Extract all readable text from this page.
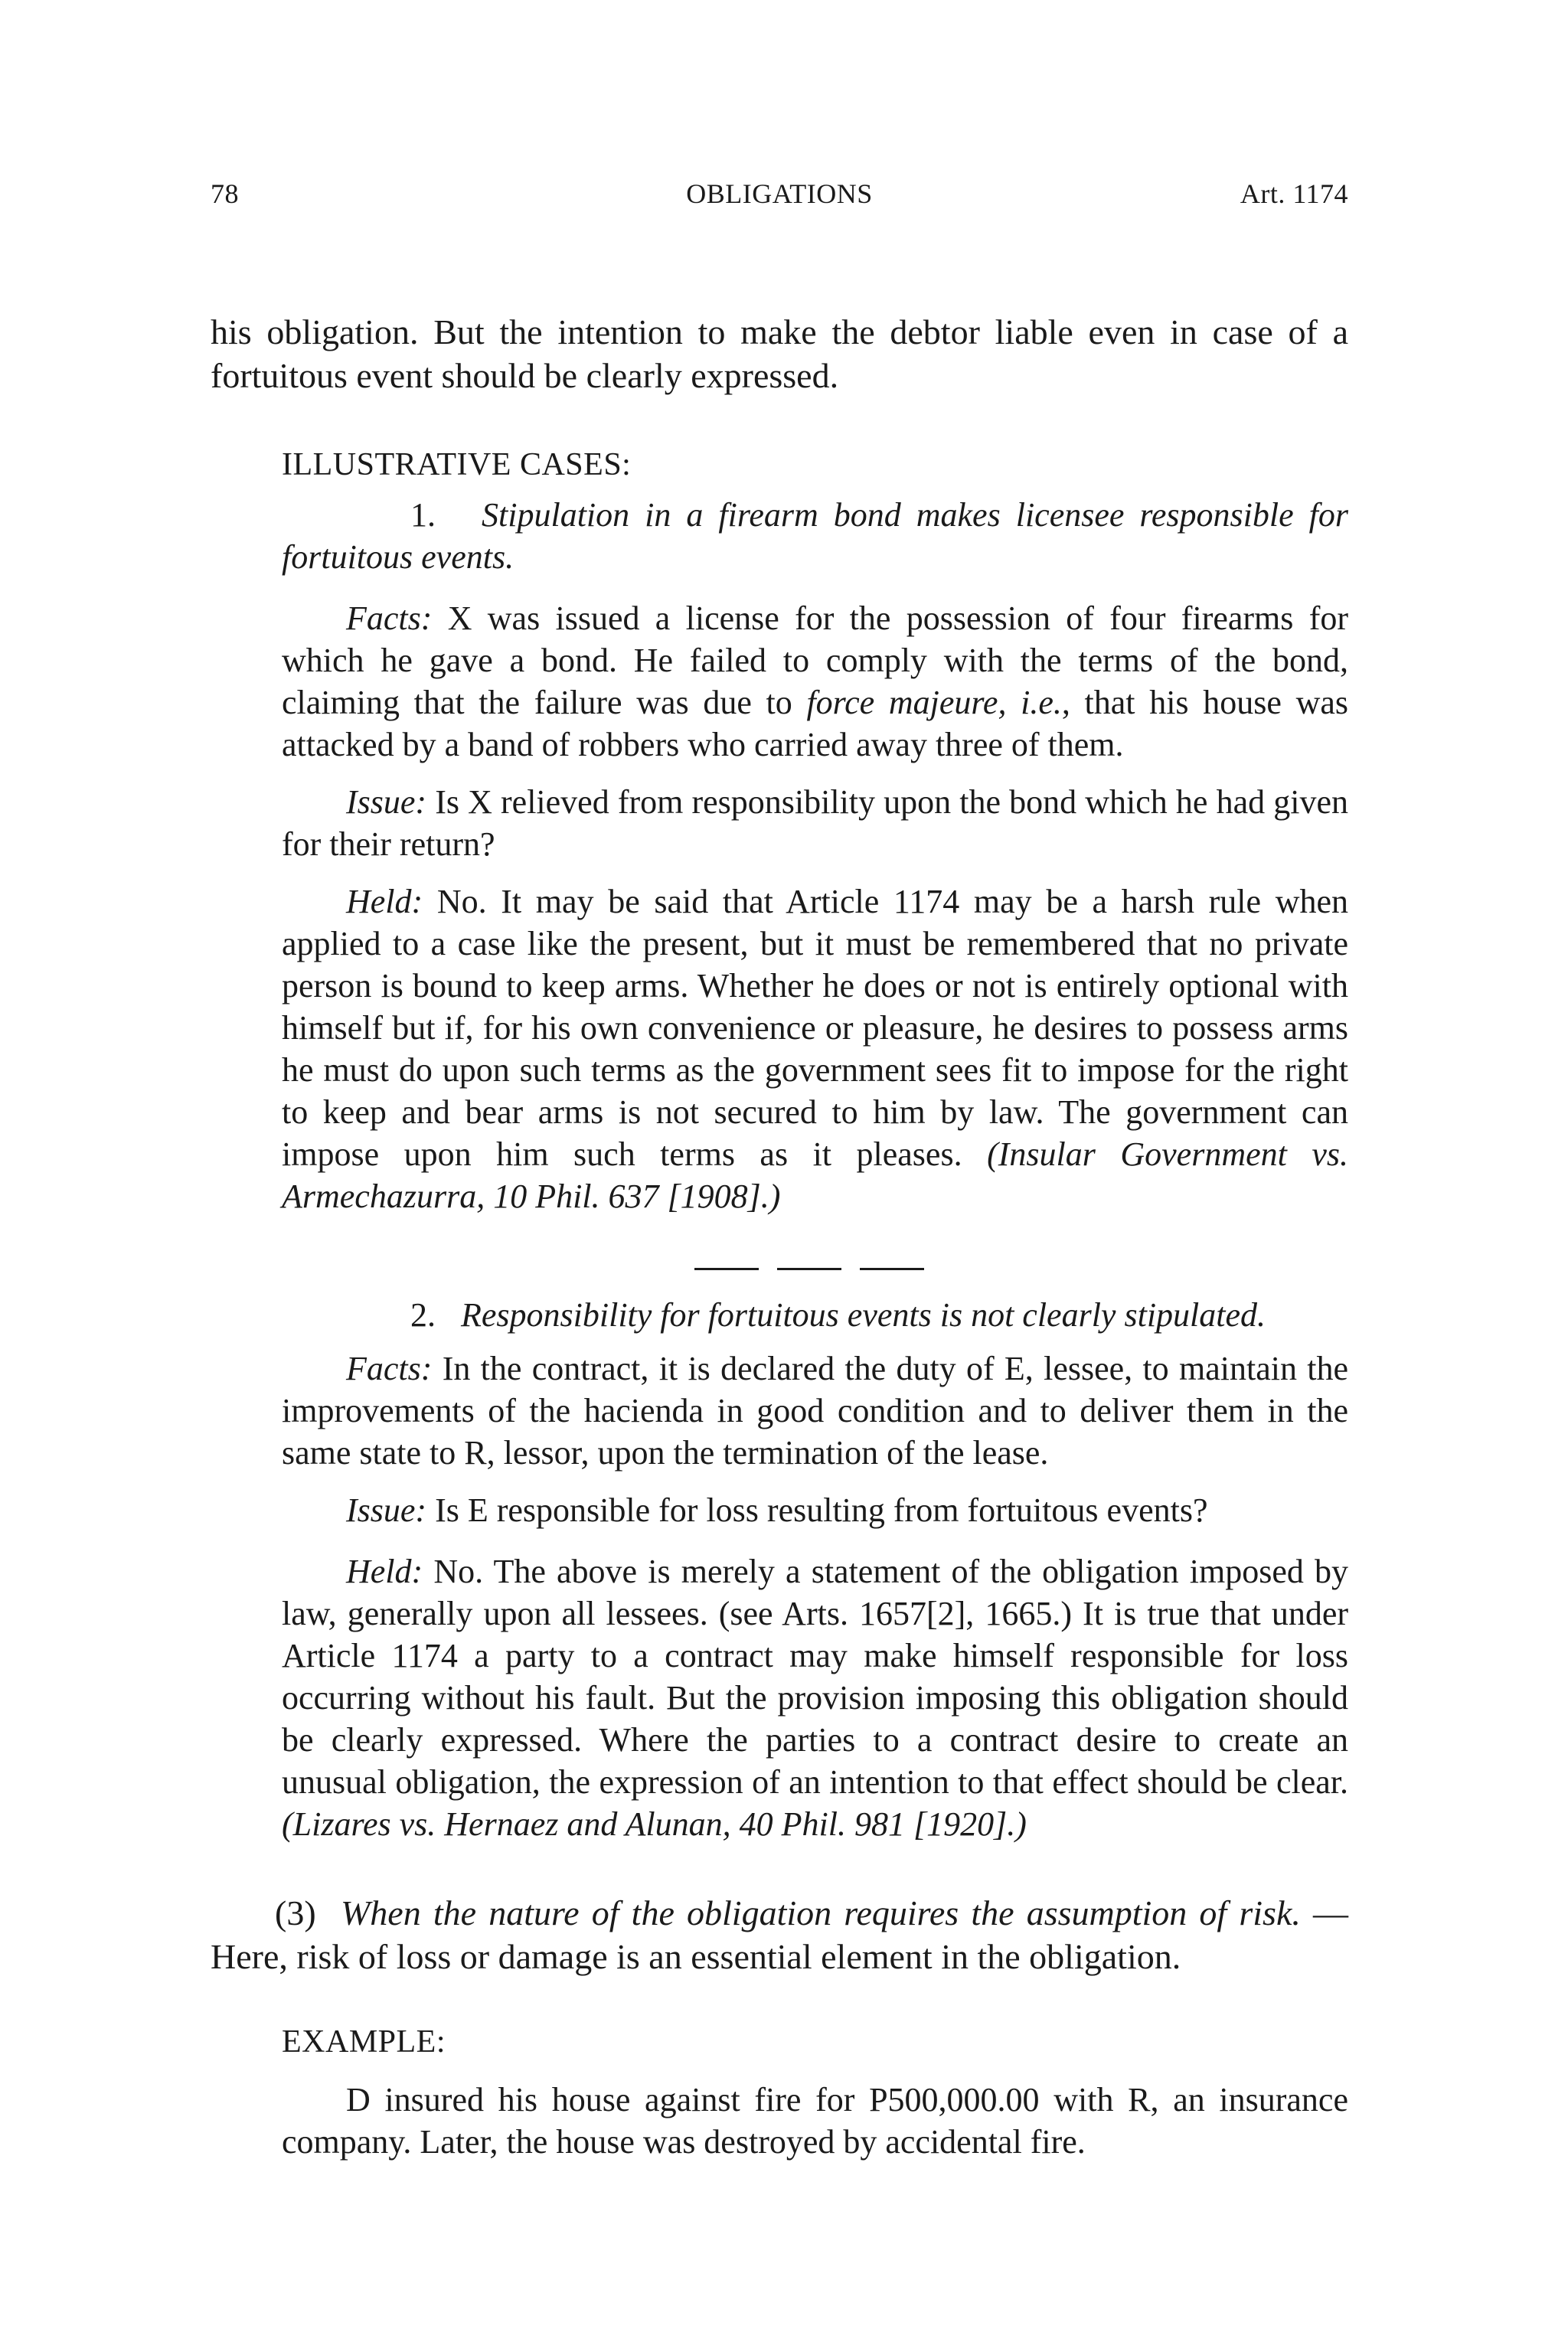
78	OBLIGATIONS	Art. 1174

his obligation. But the intention to make the debtor liable even in case of a fortuitous event should be clearly expressed.

ILLUSTRATIVE CASES:

1. Stipulation in a firearm bond makes licensee responsible for fortuitous events.

Facts: X was issued a license for the possession of four firearms for which he gave a bond. He failed to comply with the terms of the bond, claiming that the failure was due to force majeure, i.e., that his house was attacked by a band of robbers who carried away three of them.

Issue: Is X relieved from responsibility upon the bond which he had given for their return?

Held: No. It may be said that Article 1174 may be a harsh rule when applied to a case like the present, but it must be remembered that no private person is bound to keep arms. Whether he does or not is entirely optional with himself but if, for his own convenience or pleasure, he desires to possess arms he must do upon such terms as the government sees fit to impose for the right to keep and bear arms is not secured to him by law. The government can impose upon him such terms as it pleases. (Insular Government vs. Armechazurra, 10 Phil. 637 [1908].)

2. Responsibility for fortuitous events is not clearly stipulated.

Facts: In the contract, it is declared the duty of E, lessee, to maintain the improvements of the hacienda in good condition and to deliver them in the same state to R, lessor, upon the termination of the lease.

Issue: Is E responsible for loss resulting from fortuitous events?

Held: No. The above is merely a statement of the obligation imposed by law, generally upon all lessees. (see Arts. 1657[2], 1665.) It is true that under Article 1174 a party to a contract may make himself responsible for loss occurring without his fault. But the provision imposing this obligation should be clearly expressed. Where the parties to a contract desire to create an unusual obligation, the expression of an intention to that effect should be clear. (Lizares vs. Hernaez and Alunan, 40 Phil. 981 [1920].)

(3) When the nature of the obligation requires the assumption of risk. — Here, risk of loss or damage is an essential element in the obligation.

EXAMPLE:

D insured his house against fire for P500,000.00 with R, an insurance company. Later, the house was destroyed by accidental fire.
